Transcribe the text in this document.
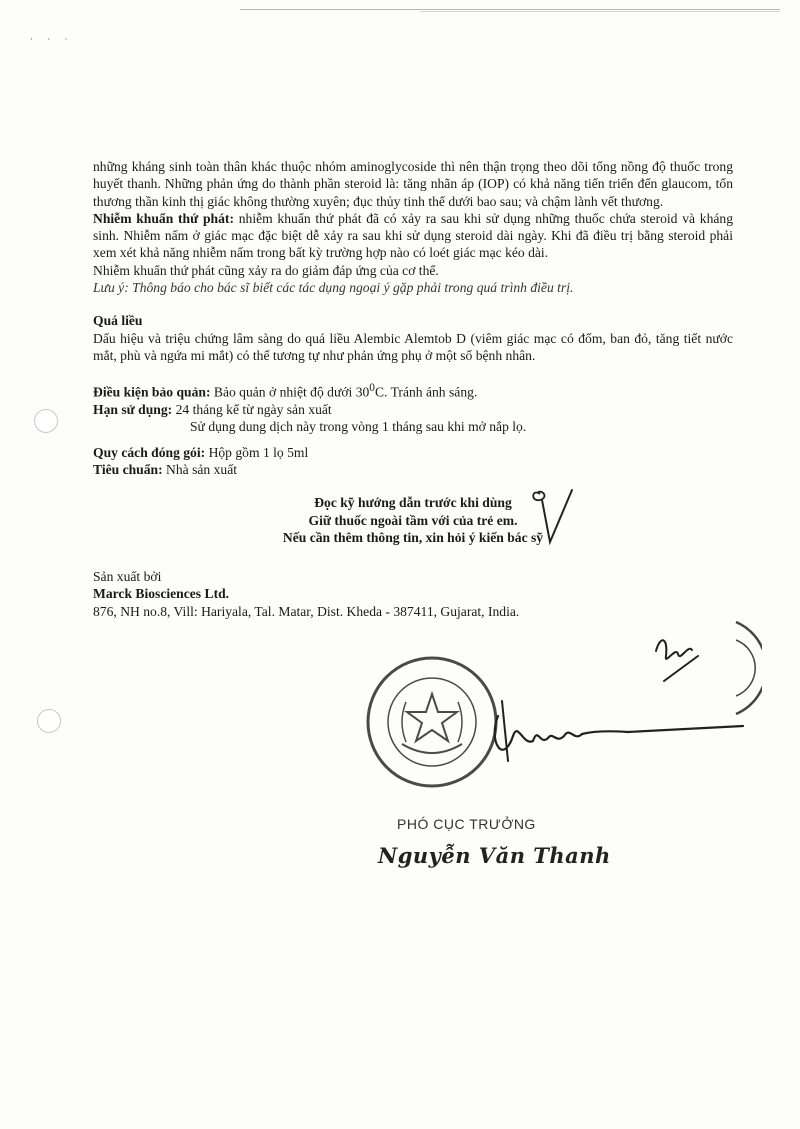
· · ·

những kháng sinh toàn thân khác thuộc nhóm aminoglycoside thì nên thận trọng theo dõi tổng nồng độ thuốc trong huyết thanh. Những phản ứng do thành phần steroid là: tăng nhãn áp (IOP) có khả năng tiến triển đến glaucom, tổn thương thần kinh thị giác không thường xuyên; đục thủy tinh thể dưới bao sau; và chậm lành vết thương.

Nhiễm khuẩn thứ phát: nhiễm khuẩn thứ phát đã có xảy ra sau khi sử dụng những thuốc chứa steroid và kháng sinh. Nhiễm nấm ở giác mạc đặc biệt dễ xảy ra sau khi sử dụng steroid dài ngày. Khi đã điều trị bằng steroid phải xem xét khả năng nhiễm nấm trong bất kỳ trường hợp nào có loét giác mạc kéo dài.

Nhiễm khuẩn thứ phát cũng xảy ra do giảm đáp ứng của cơ thể.

Lưu ý: Thông báo cho bác sĩ biết các tác dụng ngoại ý gặp phải trong quá trình điều trị.

Quá liều

Dấu hiệu và triệu chứng lâm sàng do quá liều Alembic Alemtob D (viêm giác mạc có đốm, ban đỏ, tăng tiết nước mắt, phù và ngứa mi mắt) có thể tương tự như phản ứng phụ ở một số bệnh nhân.

Điều kiện bảo quản: Bảo quản ở nhiệt độ dưới $30^0C$. Tránh ánh sáng.

Hạn sử dụng: 24 tháng kể từ ngày sản xuất

Sử dụng dung dịch này trong vòng 1 tháng sau khi mở nắp lọ.

Quy cách đóng gói: Hộp gồm 1 lọ 5ml

Tiêu chuẩn: Nhà sản xuất

Đọc kỹ hướng dẫn trước khi dùng

Giữ thuốc ngoài tầm với của trẻ em.

Nếu cần thêm thông tin, xin hỏi ý kiến bác sỹ

Sản xuất bởi

Marck Biosciences Ltd.

876, NH no.8, Vill: Hariyala, Tal. Matar, Dist. Kheda - 387411, Gujarat, India.

PHÓ CỤC TRƯỞNG
Nguyễn Văn Thanh
